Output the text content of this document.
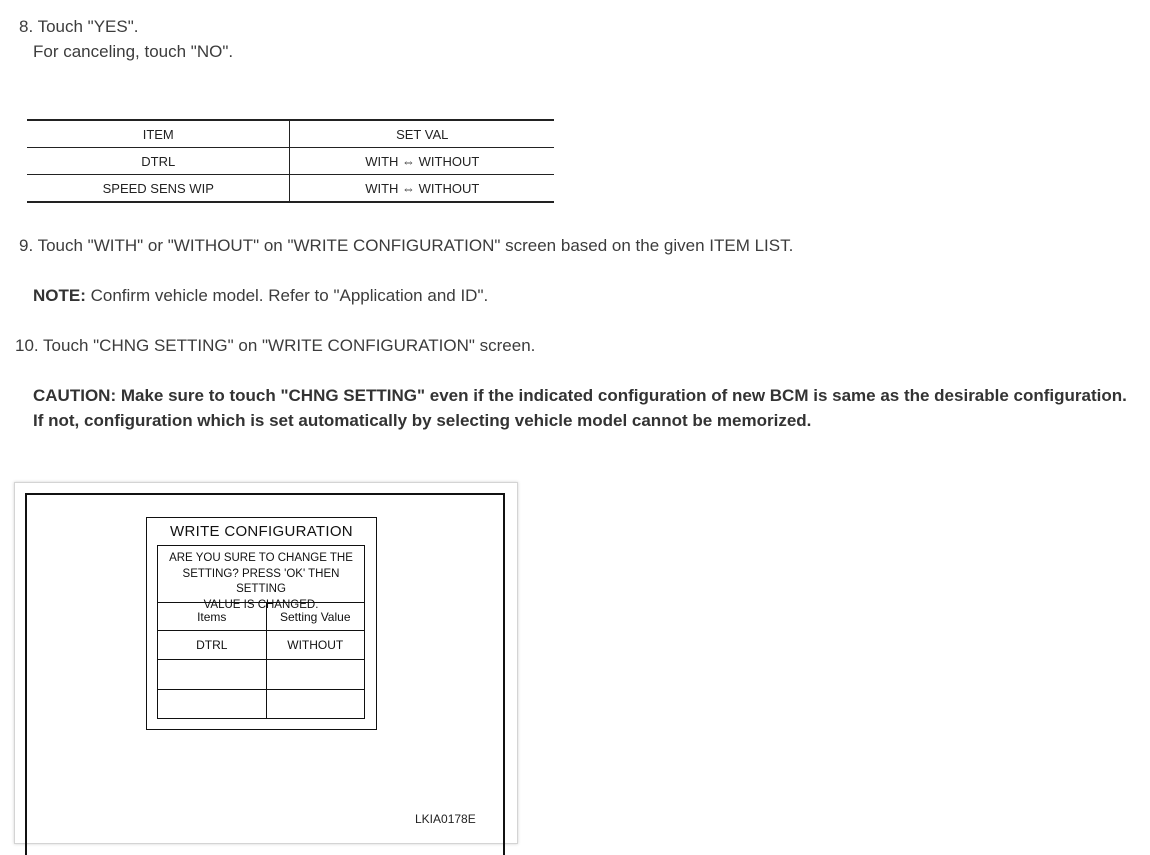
8. Touch "YES".
For canceling, touch "NO".
ITEM	SET VAL
DTRL	WITH ⇔ WITHOUT
SPEED SENS WIP	WITH ⇔ WITHOUT
9. Touch "WITH" or "WITHOUT" on "WRITE CONFIGURATION" screen based on the given ITEM LIST.
NOTE: Confirm vehicle model. Refer to "Application and ID".
10. Touch "CHNG SETTING" on "WRITE CONFIGURATION" screen.
CAUTION: Make sure to touch "CHNG SETTING" even if the indicated configuration of new BCM is same as the desirable configuration.
If not, configuration which is set automatically by selecting vehicle model cannot be memorized.
WRITE CONFIGURATION
ARE YOU SURE TO CHANGE THE
SETTING? PRESS 'OK' THEN SETTING
VALUE IS CHANGED.
Items	Setting Value
DTRL	WITHOUT

LKIA0178E
